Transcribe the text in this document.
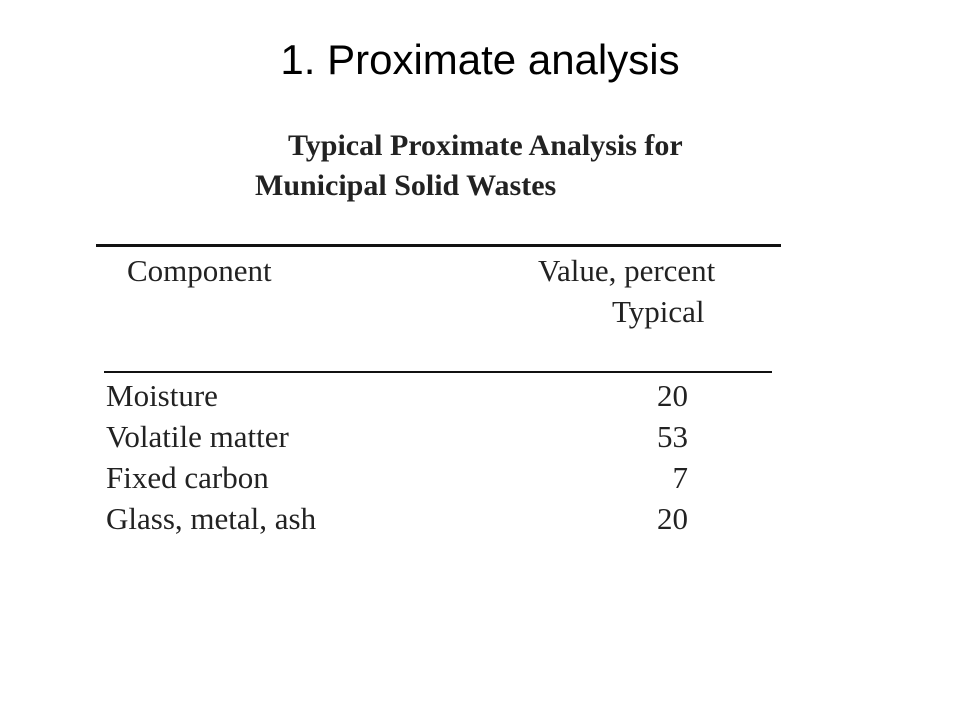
1. Proximate analysis
Typical Proximate Analysis for
Municipal Solid Wastes
Component	Value, percent
Typical
Moisture	20
Volatile matter	53
Fixed carbon	7
Glass, metal, ash	20
